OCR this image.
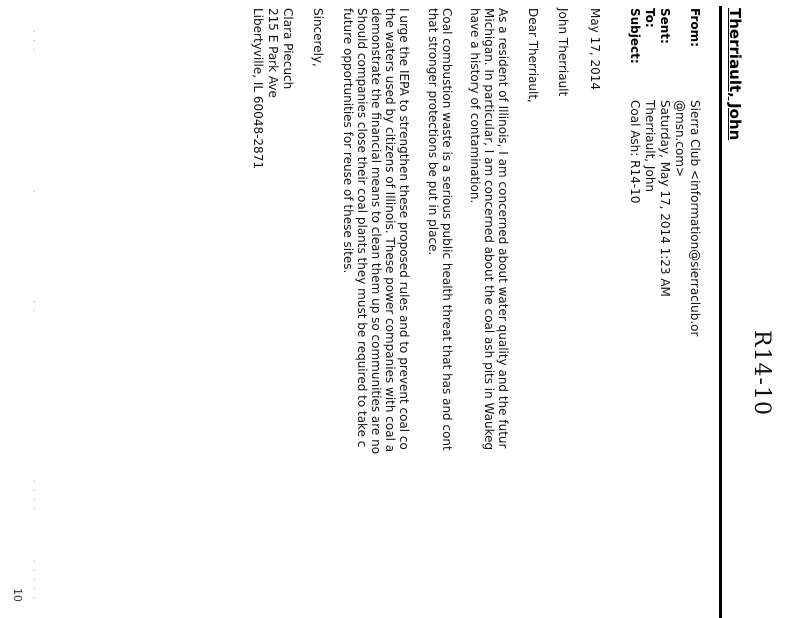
R14-10
Therriault, John
From:
Sierra Club <information@sierraclub.or
@msn.com>
Sent:
Saturday, May 17, 2014 1:23 AM
To:
Therriault, John
Subject:
Coal Ash: R14-10
May 17, 2014
John Therriault
Dear Therriault,
As a resident of Illinois, I am concerned about water quality and the futur
Michigan. In particular, I am concerned about the coal ash pits in Waukeg
have a history of contamination.
Coal combustion waste is a serious public health threat that has and cont
that stronger protections be put in place.
I urge the IEPA to strengthen these proposed rules and to prevent coal co
the waters used by citizens of Illinois. These power companies with coal a
demonstrate the financial means to clean them up so communities are no
Should companies close their coal plants they must be required to take c
future opportunities for reuse of these sites.
Sincerely,
Clara Piecuch
215 E Park Ave
Libertyville, IL 60048-2871
· · ·
·
· ·
· · · ·
· · · · ·
10
